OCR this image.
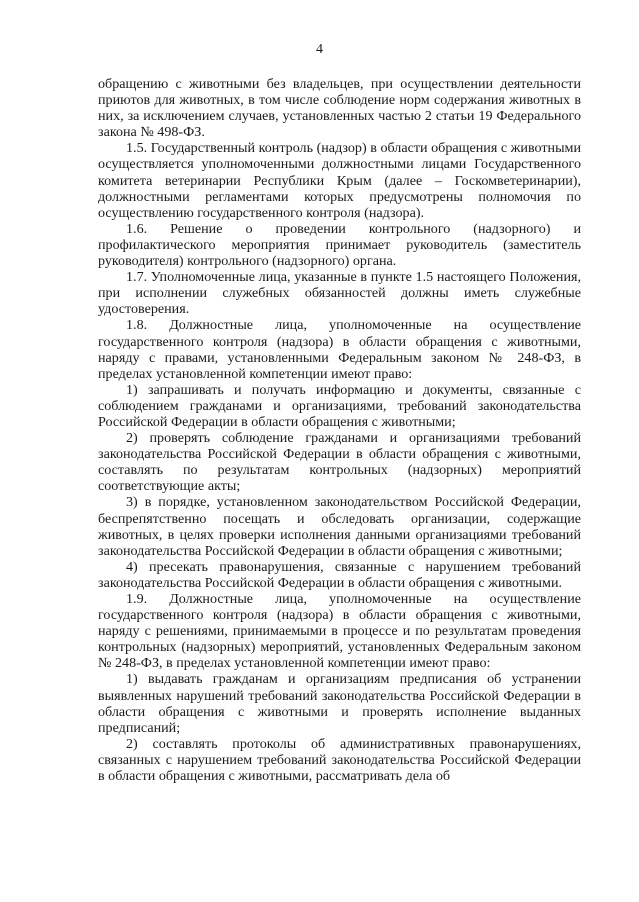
4

обращению с животными без владельцев, при осуществлении деятельности приютов для животных, в том числе соблюдение норм содержания животных в них, за исключением случаев, установленных частью 2 статьи 19 Федерального закона № 498-ФЗ.

1.5. Государственный контроль (надзор) в области обращения с животными осуществляется уполномоченными должностными лицами Государственного комитета ветеринарии Республики Крым (далее – Госкомветеринарии), должностными регламентами которых предусмотрены полномочия по осуществлению государственного контроля (надзора).

1.6. Решение о проведении контрольного (надзорного) и профилактического мероприятия принимает руководитель (заместитель руководителя) контрольного (надзорного) органа.

1.7. Уполномоченные лица, указанные в пункте 1.5 настоящего Положения, при исполнении служебных обязанностей должны иметь служебные удостоверения.

1.8. Должностные лица, уполномоченные на осуществление государственного контроля (надзора) в области обращения с животными, наряду с правами, установленными Федеральным законом № 248-ФЗ, в пределах установленной компетенции имеют право:

1) запрашивать и получать информацию и документы, связанные с соблюдением гражданами и организациями, требований законодательства Российской Федерации в области обращения с животными;

2) проверять соблюдение гражданами и организациями требований законодательства Российской Федерации в области обращения с животными, составлять по результатам контрольных (надзорных) мероприятий соответствующие акты;

3) в порядке, установленном законодательством Российской Федерации, беспрепятственно посещать и обследовать организации, содержащие животных, в целях проверки исполнения данными организациями требований законодательства Российской Федерации в области обращения с животными;

4) пресекать правонарушения, связанные с нарушением требований законодательства Российской Федерации в области обращения с животными.

1.9. Должностные лица, уполномоченные на осуществление государственного контроля (надзора) в области обращения с животными, наряду с решениями, принимаемыми в процессе и по результатам проведения контрольных (надзорных) мероприятий, установленных Федеральным законом № 248-ФЗ, в пределах установленной компетенции имеют право:

1) выдавать гражданам и организациям предписания об устранении выявленных нарушений требований законодательства Российской Федерации в области обращения с животными и проверять исполнение выданных предписаний;

2) составлять протоколы об административных правонарушениях, связанных с нарушением требований законодательства Российской Федерации в области обращения с животными, рассматривать дела об
